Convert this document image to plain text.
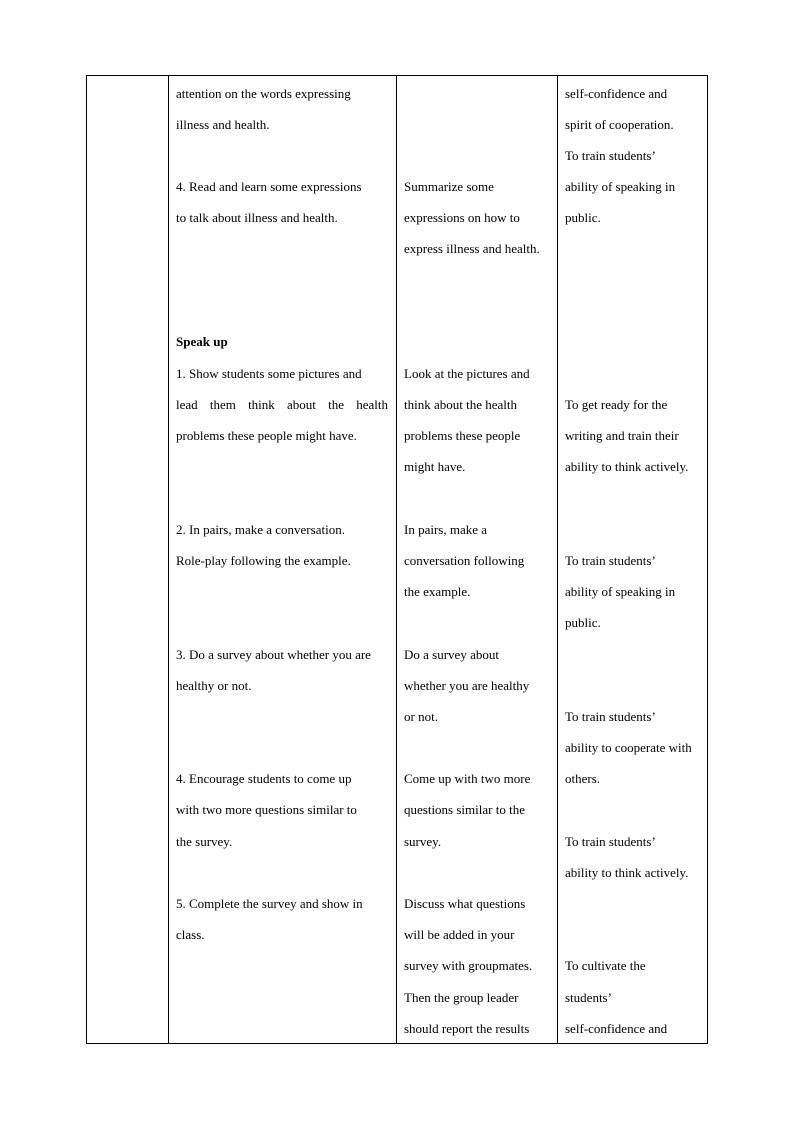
attention on the words expressing
illness and health.
4. Read and learn some expressions
to talk about illness and health.
Speak up
1. Show students some pictures and
lead them think about the health
problems these people might have.
2. In pairs, make a conversation.
Role-play following the example.
3. Do a survey about whether you are
healthy or not.
4. Encourage students to come up
with two more questions similar to
the survey.
5. Complete the survey and show in
class.
Summarize some
expressions on how to
express illness and health.
Look at the pictures and
think about the health
problems these people
might have.
In pairs, make a
conversation following
the example.
Do a survey about
whether you are healthy
or not.
Come up with two more
questions similar to the
survey.
Discuss what questions
will be added in your
survey with groupmates.
Then the group leader
should report the results
self-confidence and
spirit of cooperation.
To train students’
ability of speaking in
public.
To get ready for the
writing and train their
ability to think actively.
To train students’
ability of speaking in
public.
To train students’
ability to cooperate with
others.
To train students’
ability to think actively.
To cultivate the
students’
self-confidence and
